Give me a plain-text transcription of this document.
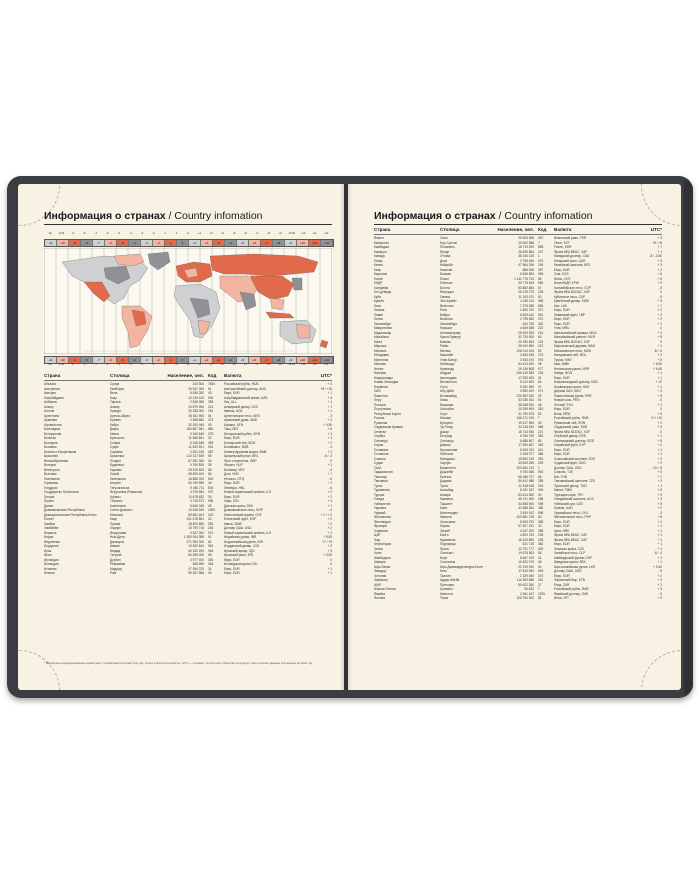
Информация о странах / Country infomation
-10	-9:30	-9	-8	-7	-6	-5	-4	-3	-2	-1	0	+1	+2	+3	+4	+5	+6	+7	+8	+9	+9:30	+10	+11	+12
-11	-10	-9	-8	-7	-6	-5	-4	-3	-2	-1	0	+1	+2	+3	+4	+5	+6	+7	+8	+9	+10	+11	+12
-11	-10	-9	-8	-7	-6	-5	-4	-3	-2	-1	0	+1	+2	+3	+4	+5	+6	+7	+8	+9	+10	+11	+12
-10	-9:30	-9	-8	-7	-6	-5	-4	-3	-2	-1	0	+1	+2	+3	+4	+5	+6	+7	+8	+9	+9:30	+10	+11	+12
Страна	Столица	Население, чел. Код	Валюта	UTC*
Абхазия	Сухум	243 564	7840	Российский рубль, RUB	+ 3
Австралия	Канберра	26 047 000	61	Австралийский доллар, AUD	+8 / +10
Австрия	Вена	8 935 282	43	Евро, EUR	+ 1
Азербайджан	Баку	10 139 100	994	Азербайджанский манат, AZN	+ 4
Албания	Тирана	2 845 955	355	Лек, ALL	+ 1
Алжир	Алжир	43 579 954	213	Алжирский динар, DZD	+ 1
Ангола	Луанда	33 338 000	244	Кванза, AOA	+ 1
Аргентина	Буэнос-Айрес	45 811 954	54	Аргентинское песо, ARS	- 3
Армения	Ереван	2 958 882	374	Армянский драм, AMD	+ 4
Афганистан	Кабул	32 200 945	93	Афгани, AFN	+ 4:30
Бангладеш	Дакка	169 807 961	880	Така, BDT	+ 6
Белоруссия	Минск	9 349 645	375	Белорусский рубль, BYN	+ 3
Бельгия	Брюссель	11 596 891	32	Евро, EUR	+ 1
Болгария	София	6 916 548	359	Болгарский лев, BGN	+ 2
Боливия	Сукре	11 633 521	591	Боливиано, BOB	- 4
Босния и Герцеговина	Сараево	3 531 159	387	Конвертируемая марка, BAM	+ 1
Бразилия	Бразилиа	213 317 639	55	Бразильский реал, BRL	-5 / -3
Великобритания	Лондон	67 081 000	44	Фунт стерлингов, GBP	0
Венгрия	Будапешт	9 769 526	36	Форинт, HUF	+ 1
Венесуэла	Каракас	28 515 829	58	Боливар, VES	- 4
Вьетнам	Ханой	98 505 400	84	Донг, VND	+ 7
Гватемала	Гватемала	16 858 333	502	Кетсаль, GTQ	- 6
Германия	Берлин	83 190 556	49	Евро, EUR	+ 1
Гондурас	Тегусигальпа	9 450 711	504	Лемпира, HNL	- 6
Государство Палестина	Иерусалим (Рамалла)	4 976 684	970	Новый израильский шекель, ILS	+ 2
Греция	Афины	10 678 632	30	Евро, EUR	+ 2
Грузия	Тбилиси	3 728 573	995	Лари, GEL	+ 4
Дания	Копенгаген	5 840 045	45	Датская крона, DKK	+ 1
Доминиканская Республика	Санто-Доминго	10 448 499	1809	Доминиканское песо, DOP	- 4
Демократическая Республика Конго	Киншаса	89 561 404	243	Конголезский франк, CDF	+ 1 / + 2
Египет	Каир	101 478 581	20	Египетский фунт, EGP	+ 2
Замбия	Лусака	18 400 556	260	Квача, ZMW	+ 2
Зимбабве	Хараре	15 790 716	263	Доллар США, USD	+ 2
Израиль	Иерусалим	9 347 000	972	Новый израильский шекель, ILS	+ 2
Индия	Нью-Дели	1 380 004 385	91	Индийская рупия, INR	+ 5:30
Индонезия	Джакарта	271 350 000	62	Индонезийская рупия, IDR	+7 / +9
Иордания	Амман	10 820 644	962	Иорданский динар, JOD	+ 2
Ирак	Багдад	40 150 200	964	Иракский динар, IQD	+ 3
Иран	Тегеран	84 055 000	98	Иранский риал, IRR	+ 3:30
Ирландия	Дублин	4 977 400	353	Евро, EUR	0
Исландия	Рейкьявик	368 590	354	Исландская крона, ISK	0
Испания	Мадрид	47 394 223	34	Евро, EUR	+ 1
Италия	Рим	59 257 566	39	Евро, EUR	+ 1
* Всемирное координированное время (англ. Coordinated Universal Time, фр. Temps Universel Coordonné, UTC) — стандарт, по которому общество регулирует часы и время. Данные составлены на 2021 год.
Информация о странах / Country infomation
Страна	Столица	Население, чел. Код	Валюта	UTC*
Йемен	Сана	29 825 968	967	Йеменский риал, YER	+ 3
Казахстан	Нур-Султан	19 002 586	7	Тенге, KZT	+5 / +6
Камбоджа	Пномпень	16 719 000	855	Риель, KHR	+ 7
Камерун	Яунде	26 545 864	237	Франк КФА BEAC, XAF	+ 1
Канада	Оттава	38 246 108	1	Канадский доллар, CAD	-8 / -3:30
Катар	Доха	2 795 484	974	Катарский риал, QAR	+ 3
Кения	Найроби	47 564 296	254	Кенийский шиллинг, KES	+ 3
Кипр	Никосия	888 005	357	Евро, EUR	+ 2
Киргизия	Бишкек	6 636 803	996	Сом, KGS	+ 6
Китай	Пекин	1 411 778 724	86	Юань, CNY	+ 8
КНДР	Пхеньян	25 778 815	850	Вона КНДР, KPW	+ 9
Колумбия	Богота	50 882 884	57	Колумбийское песо, COP	- 5
Кот-д'Ивуар	Ямусукро	26 378 275	225	Франк КФА BCEAO, XOF	0
Куба	Гавана	11 193 470	53	Кубинское песо, CUP	- 5
Кувейт	Эль-Кувейт	4 420 110	965	Кувейтский динар, KWD	+ 3
Лаос	Вьентьян	7 379 358	856	Кип, LAK	+ 7
Латвия	Рига	1 893 700	371	Евро, EUR	+ 2
Ливан	Бейрут	6 825 442	961	Ливанский фунт, LBP	+ 2
Литва	Вильнюс	2 795 680	370	Евро, EUR	+ 2
Люксембург	Люксембург	634 730	352	Евро, EUR	+ 1
Мавритания	Нуакшот	4 649 658	222	Угия, MRU	0
Мадагаскар	Антананариву	26 923 353	261	Малагасийский ариари, MGA	+ 3
Малайзия	Куала-Лумпур	32 730 000	60	Малайзийский ринггит, MYR	+ 8
Мали	Бамако	20 250 833	223	Франк КФА BCEAO, XOF	0
Марокко	Рабат	36 910 560	212	Марокканский дирхам, MAD	+ 1
Мексика	Мехико	126 014 024	52	Мексиканское песо, MXN	-8 / -5
Молдавия	Кишинёв	2 640 438	373	Молдавский лей, MDL	+ 2
Монголия	Улан-Батор	3 353 470	976	Тугрик, MNT	+ 8
Мьянма	Нейпьидо	54 410 000	95	Кьят, MMK	+ 6:30
Непал	Катманду	29 136 808	977	Непальская рупия, NPR	+ 5:45
Нигерия	Абуджа	206 139 589	234	Найра, NGN	+ 1
Нидерланды	Амстердам	17 533 405	31	Евро, EUR	+ 1
Новая Зеландия	Веллингтон	5 122 600	64	Новозеландский доллар, NZD	+ 12
Норвегия	Осло	5 391 369	47	Норвежская крона, NOK	+ 1
ОАЭ	Абу-Даби	9 890 400	971	Дирхам ОАЭ, AED	+ 4
Пакистан	Исламабад	220 892 340	92	Пакистанская рупия, PKR	+ 5
Перу	Лима	33 035 304	51	Новый соль, PEN	- 5
Польша	Варшава	38 268 000	48	Злотый, PLN	+ 1
Португалия	Лиссабон	10 295 909	351	Евро, EUR	0
Республика Корея	Сеул	51 780 579	82	Вона, KRW	+ 9
Россия	Москва	146 171 015	7	Российский рубль, RUB	+2 / +12
Румыния	Бухарест	19 317 984	40	Румынский лей, RON	+ 2
Саудовская Аравия	Эр-Рияд	34 218 169	966	Саудовский риял, SAR	+ 3
Сенегал	Дакар	16 743 930	221	Франк КФА BCEAO, XOF	0
Сербия	Белград	6 926 705	381	Сербский динар, RSD	+ 1
Сингапур	Сингапур	5 685 807	65	Сингапурский доллар, SGD	+ 8
Сирия	Дамаск	17 500 657	963	Сирийский фунт, SYP	+ 2
Словакия	Братислава	5 459 781	421	Евро, EUR	+ 1
Словения	Любляна	2 108 977	386	Евро, EUR	+ 1
Сомали	Могадишо	15 893 219	252	Сомалийский шиллинг, SOS	+ 3
Судан	Хартум	43 849 269	249	Суданский фунт, SDG	+ 2
США	Вашингтон	329 484 123	1	Доллар США, USD	-10 / -5
Таджикистан	Душанбе	9 750 065	992	Сомони, TJS	+ 5
Таиланд	Бангкок	66 186 727	66	Бат, THB	+ 7
Танзания	Додома	59 441 988	255	Танзанийский шиллинг, TZS	+ 3
Тунис	Тунис	11 818 618	216	Тунисский динар, TND	+ 1
Туркмения	Ашхабад	6 031 187	993	Манат, TMM	+ 5
Турция	Анкара	83 614 362	90	Турецкая лира, TRY	+ 3
Уганда	Кампала	45 741 000	256	Угандийский шиллинг, UGX	+ 3
Узбекистан	Ташкент	34 558 900	998	Узбекский сум, UZS	+ 5
Украина	Киев	41 588 354	380	Гривна, UAH	+ 2
Уругвай	Монтевидео	3 530 912	598	Уругвайское песо, UYU	- 3
Филиппины	Манила	109 581 078	63	Филиппинское песо, PHP	+ 8
Финляндия	Хельсинки	5 533 793	358	Евро, EUR	+ 2
Франция	Париж	67 407 241	33	Евро, EUR	+ 1
Хорватия	Загреб	4 047 200	385	Куна, HRK	+ 1
ЦАР	Банги	4 829 764	236	Франк КФА BEAC, XAF	+ 1
Чад	Нджамена	16 425 859	235	Франк КФА BEAC, XAF	+ 1
Черногория	Подгорица	621 718	382	Евро, EUR	+ 1
Чехия	Прага	10 701 777	420	Чешская крона, CZK	+ 1
Чили	Сантьяго	19 678 363	56	Чилийское песо, CLP	-6 / -4
Швейцария	Берн	8 667 100	41	Швейцарский франк, CHF	+ 1
Швеция	Стокгольм	10 402 070	46	Шведская крона, SEK	+ 1
Шри-Ланка	Шри-Джаяварденепура-Котте	21 919 000	94	Шри-ланкийская рупия, LKR	+ 5:30
Эквадор	Кито	17 643 054	593	Доллар США, USD	- 5
Эстония	Таллин	1 329 460	372	Евро, EUR	+ 2
Эфиопия	Аддис-Абеба	114 963 588	251	Эфиопский быр, ETB	+ 3
ЮАР	Претория	59 622 350	27	Рэнд, ZAR	+ 2
Южная Осетия	Цхинвал	53 532	7	Российский рубль, RUB	+ 3
Ямайка	Кингстон	2 961 167	1876	Ямайский доллар, JMD	- 5
Япония	Токио	125 760 000	81	Иена, JPY	+ 9
